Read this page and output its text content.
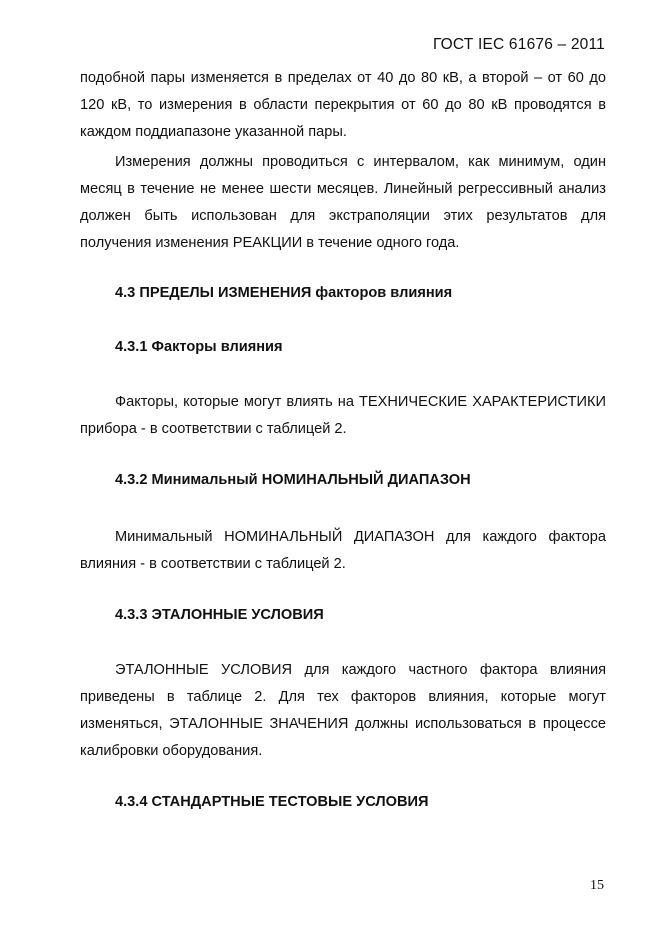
ГОСТ IEC 61676 – 2011

подобной пары изменяется в пределах от 40 до 80 кВ, а второй – от 60 до 120 кВ, то измерения в области перекрытия от 60 до 80 кВ проводятся в каждом поддиапазоне указанной пары.

Измерения должны проводиться с интервалом, как минимум, один месяц в течение не менее шести месяцев. Линейный регрессивный анализ должен быть использован для экстраполяции этих результатов для получения изменения РЕАКЦИИ в течение одного года.

4.3 ПРЕДЕЛЫ ИЗМЕНЕНИЯ факторов влияния
4.3.1 Факторы влияния

Факторы, которые могут влиять на ТЕХНИЧЕСКИЕ ХАРАКТЕРИСТИКИ прибора - в соответствии с таблицей 2.

4.3.2 Минимальный НОМИНАЛЬНЫЙ ДИАПАЗОН

Минимальный НОМИНАЛЬНЫЙ ДИАПАЗОН для каждого фактора влияния - в соответствии с таблицей 2.

4.3.3 ЭТАЛОННЫЕ УСЛОВИЯ

ЭТАЛОННЫЕ УСЛОВИЯ для каждого частного фактора влияния приведены в таблице 2. Для тех факторов влияния, которые могут изменяться, ЭТАЛОННЫЕ ЗНАЧЕНИЯ должны использоваться в процессе калибровки оборудования.

4.3.4 СТАНДАРТНЫЕ ТЕСТОВЫЕ УСЛОВИЯ
15
